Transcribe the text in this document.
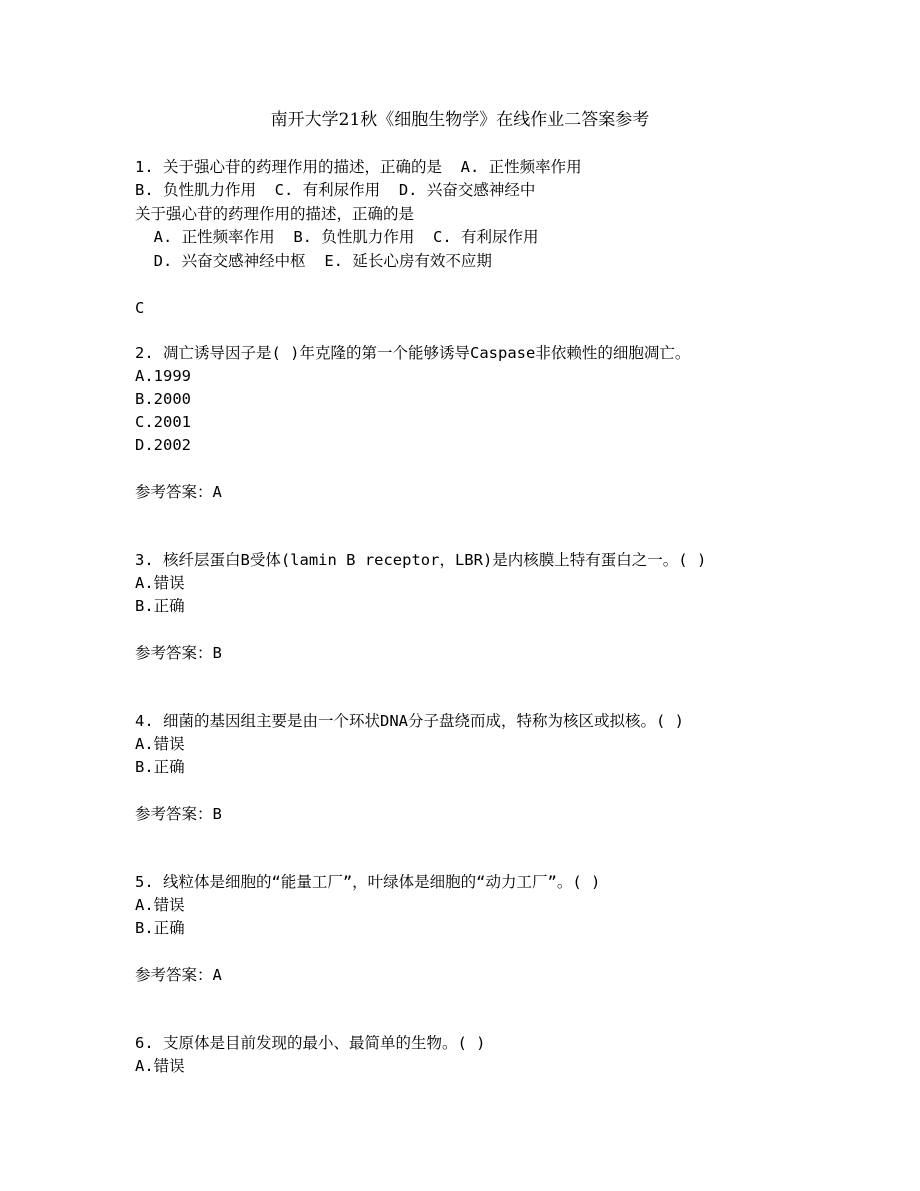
南开大学21秋《细胞生物学》在线作业二答案参考
1. 关于强心苷的药理作用的描述，正确的是  A. 正性频率作用
B. 负性肌力作用  C. 有利尿作用  D. 兴奋交感神经中
关于强心苷的药理作用的描述，正确的是
A. 正性频率作用  B. 负性肌力作用  C. 有利尿作用
D. 兴奋交感神经中枢  E. 延长心房有效不应期
C
2. 凋亡诱导因子是( )年克隆的第一个能够诱导Caspase非依赖性的细胞凋亡。
A.1999
B.2000
C.2001
D.2002
参考答案：A
3. 核纤层蛋白B受体(lamin B receptor，LBR)是内核膜上特有蛋白之一。( )
A.错误
B.正确
参考答案：B
4. 细菌的基因组主要是由一个环状DNA分子盘绕而成，特称为核区或拟核。( )
A.错误
B.正确
参考答案：B
5. 线粒体是细胞的“能量工厂”，叶绿体是细胞的“动力工厂”。( )
A.错误
B.正确
参考答案：A
6. 支原体是目前发现的最小、最简单的生物。( )
A.错误
